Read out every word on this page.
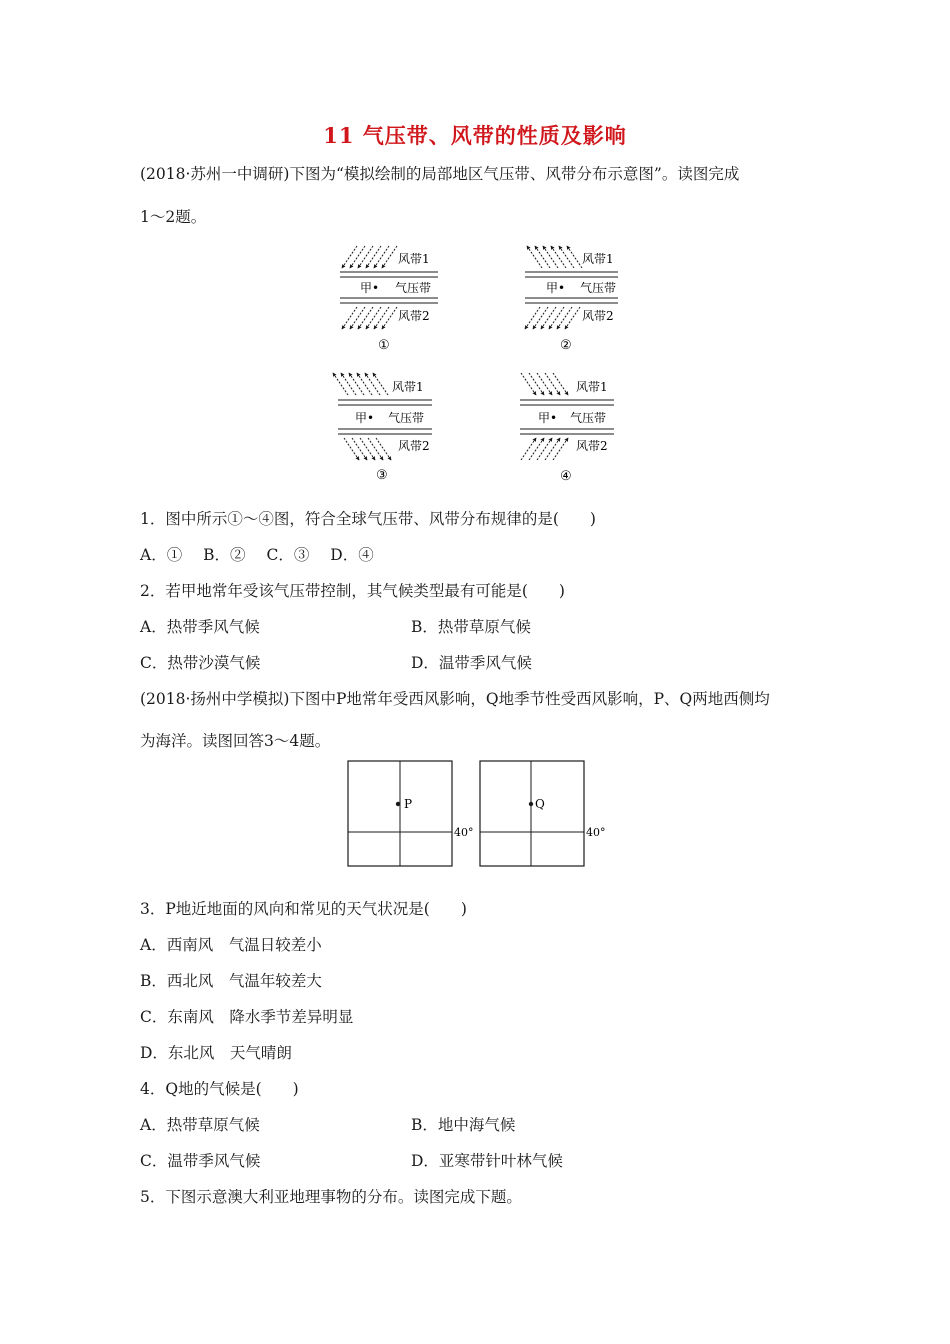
11 气压带、风带的性质及影响
(2018·苏州一中调研)下图为“模拟绘制的局部地区气压带、风带分布示意图”。读图完成
1～2题。
风带1
甲• 气压带
风带2
①
风带1
甲• 气压带
风带2
②
风带1
甲• 气压带
风带2
③
风带1
甲• 气压带
风带2
④
1．图中所示①～④图，符合全球气压带、风带分布规律的是(　　)
A．① B．② C．③ D．④
2．若甲地常年受该气压带控制，其气候类型最有可能是(　　)
A．热带季风气候	B．热带草原气候
C．热带沙漠气候	D．温带季风气候
(2018·扬州中学模拟)下图中P地常年受西风影响，Q地季节性受西风影响，P、Q两地西侧均
为海洋。读图回答3～4题。
P
40°
Q
40°
3．P地近地面的风向和常见的天气状况是(　　)
A．西南风　气温日较差小
B．西北风　气温年较差大
C．东南风　降水季节差异明显
D．东北风　天气晴朗
4．Q地的气候是(　　)
A．热带草原气候	B．地中海气候
C．温带季风气候	D．亚寒带针叶林气候
5．下图示意澳大利亚地理事物的分布。读图完成下题。
